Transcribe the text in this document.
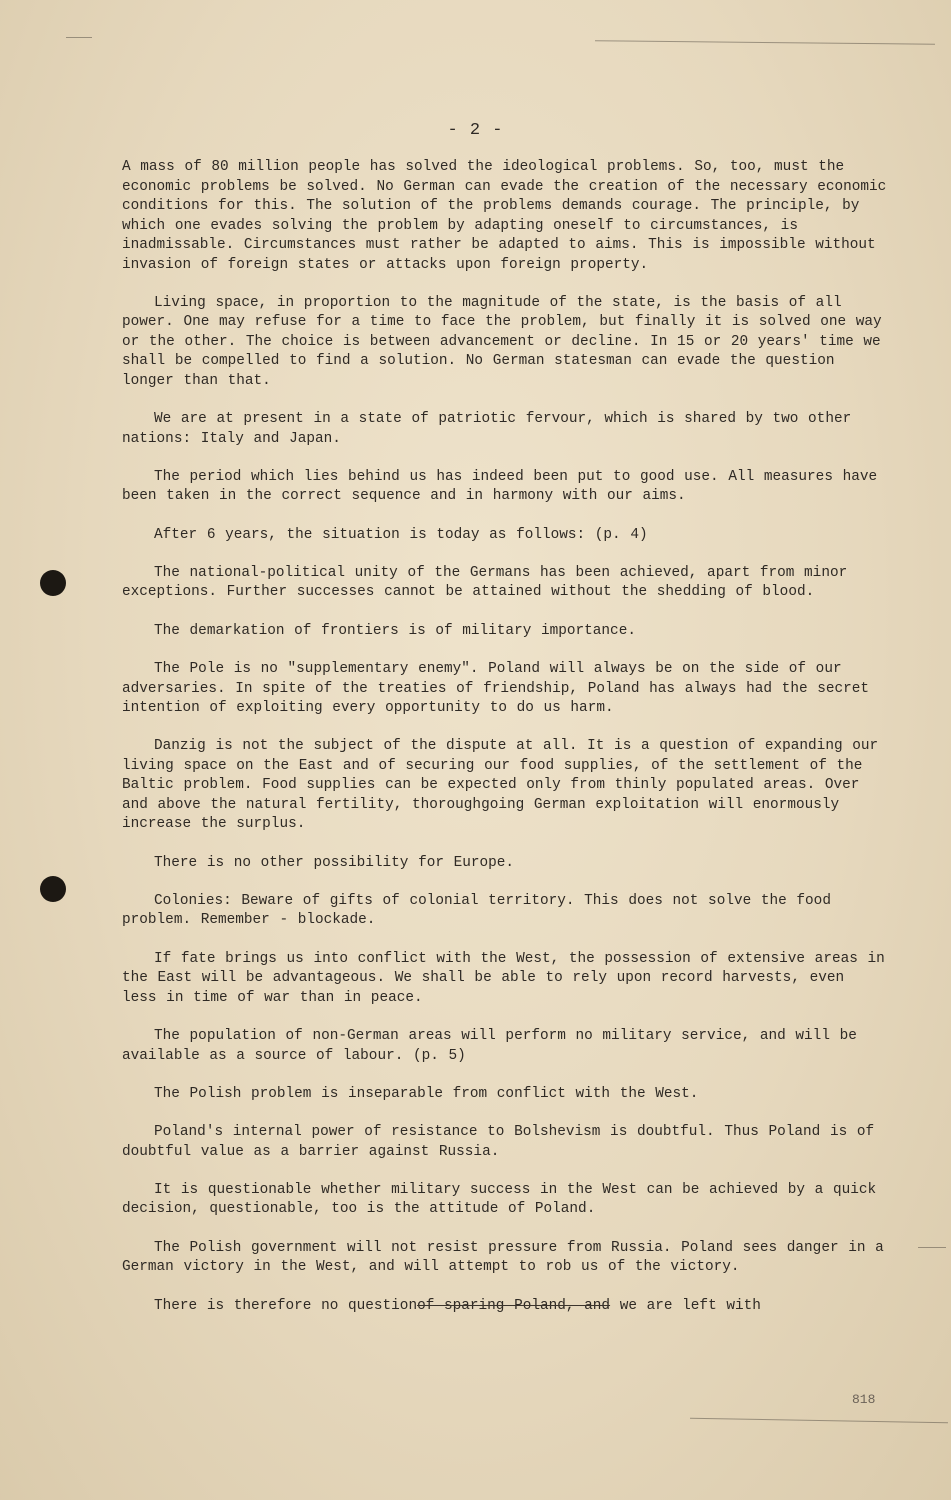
- 2 -

A mass of 80 million people has solved the ideological problems. So, too, must the economic problems be solved. No German can evade the creation of the necessary economic conditions for this. The solution of the problems demands courage. The principle, by which one evades solving the problem by adapting oneself to circumstances, is inadmissable. Circumstances must rather be adapted to aims. This is impossible without invasion of foreign states or attacks upon foreign property.

Living space, in proportion to the magnitude of the state, is the basis of all power. One may refuse for a time to face the problem, but finally it is solved one way or the other. The choice is between advancement or decline. In 15 or 20 years' time we shall be compelled to find a solution. No German statesman can evade the question longer than that.

We are at present in a state of patriotic fervour, which is shared by two other nations: Italy and Japan.

The period which lies behind us has indeed been put to good use. All measures have been taken in the correct sequence and in harmony with our aims.

After 6 years, the situation is today as follows: (p. 4)

The national-political unity of the Germans has been achieved, apart from minor exceptions. Further successes cannot be attained without the shedding of blood.

The demarkation of frontiers is of military importance.

The Pole is no "supplementary enemy". Poland will always be on the side of our adversaries. In spite of the treaties of friendship, Poland has always had the secret intention of exploiting every opportunity to do us harm.

Danzig is not the subject of the dispute at all. It is a question of expanding our living space on the East and of securing our food supplies, of the settlement of the Baltic problem. Food supplies can be expected only from thinly populated areas. Over and above the natural fertility, thoroughgoing German exploitation will enormously increase the surplus.

There is no other possibility for Europe.

Colonies: Beware of gifts of colonial territory. This does not solve the food problem. Remember - blockade.

If fate brings us into conflict with the West, the possession of extensive areas in the East will be advantageous. We shall be able to rely upon record harvests, even less in time of war than in peace.

The population of non-German areas will perform no military service, and will be available as a source of labour. (p. 5)

The Polish problem is inseparable from conflict with the West.

Poland's internal power of resistance to Bolshevism is doubtful. Thus Poland is of doubtful value as a barrier against Russia.

It is questionable whether military success in the West can be achieved by a quick decision, questionable, too is the attitude of Poland.

The Polish government will not resist pressure from Russia. Poland sees danger in a German victory in the West, and will attempt to rob us of the victory.

There is therefore no questionof sparing Poland, and we are left with

818
